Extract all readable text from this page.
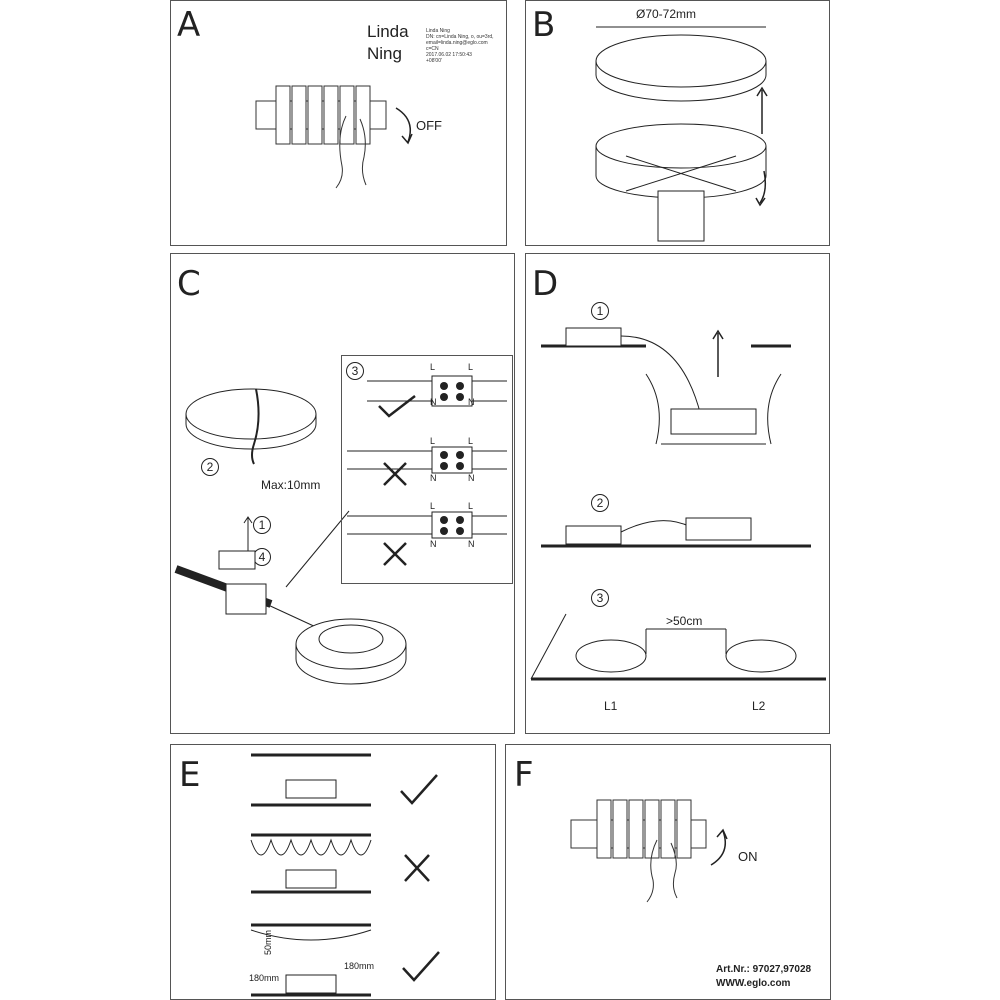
A	Linda
Ning
Linda Ning
DN: cn=Linda Ning, o, ou=3rd,
email=linda.ning@eglo.com
c=CN
2017.06.02 17:50:43
+08'00'
OFF
B	Ø70-72mm
C
2
Max:10mm
1
4
3	L	L
N	N
L	L
N	N
L	L
N	N
D
1
2
3
>50cm
L1	L2
E
50mm
180mm
180mm
F
ON
Art.Nr.: 97027,97028
WWW.eglo.com
